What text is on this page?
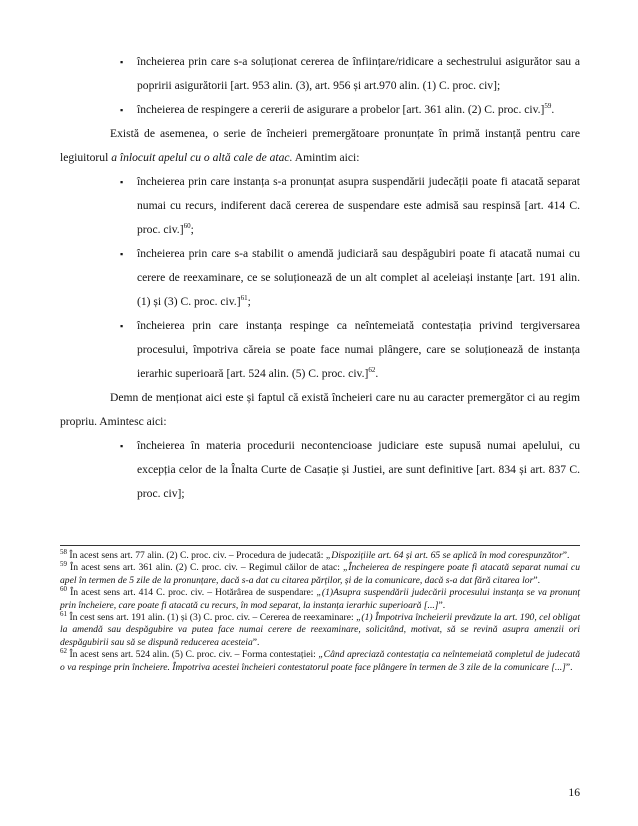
▪ încheierea prin care s-a soluționat cererea de înființare/ridicare a sechestrului asigurător sau a popririi asigurătorii [art. 953 alin. (3), art. 956 și art.970 alin. (1) C. proc. civ];
▪ încheierea de respingere a cererii de asigurare a probelor [art. 361 alin. (2) C. proc. civ.]$^{59}$.
Există de asemenea, o serie de încheieri premergătoare pronunțate în primă instanță pentru care legiuitorul a înlocuit apelul cu o altă cale de atac. Amintim aici:
▪ încheierea prin care instanța s-a pronunțat asupra suspendării judecății poate fi atacată separat numai cu recurs, indiferent dacă cererea de suspendare este admisă sau respinsă [art. 414 C. proc. civ.]$^{60}$;
▪ încheierea prin care s-a stabilit o amendă judiciară sau despăgubiri poate fi atacată numai cu cerere de reexaminare, ce se soluționează de un alt complet al aceleiași instanțe [art. 191 alin. (1) și (3) C. proc. civ.]$^{61}$;
▪ încheierea prin care instanța respinge ca neîntemeiată contestația privind tergiversarea procesului, împotriva căreia se poate face numai plângere, care se soluționează de instanța ierarhic superioară [art. 524 alin. (5) C. proc. civ.]$^{62}$.
Demn de menționat aici este și faptul că există încheieri care nu au caracter premergător ci au regim propriu. Amintesc aici:
▪ încheierea în materia procedurii necontencioase judiciare este supusă numai apelului, cu excepția celor de la Înalta Curte de Casație și Justiei, are sunt definitive [art. 834 și art. 837 C. proc. civ];

$^{58}$ În acest sens art. 77 alin. (2) C. proc. civ. – Procedura de judecată: „Dispozițiile art. 64 și art. 65 se aplică în mod corespunzător”.

$^{59}$ În acest sens art. 361 alin. (2) C. proc. civ. – Regimul căilor de atac: „Încheierea de respingere poate fi atacată separat numai cu apel în termen de 5 zile de la pronunțare, dacă s-a dat cu citarea părților, și de la comunicare, dacă s-a dat fără citarea lor”.

$^{60}$ În acest sens art. 414 C. proc. civ. – Hotărârea de suspendare: „(1)Asupra suspendării judecării procesului instanța se va pronunț prin încheiere, care poate fi atacată cu recurs, în mod separat, la instanța ierarhic superioară [...]”.

$^{61}$ În cest sens art. 191 alin. (1) și (3) C. proc. civ. – Cererea de reexaminare: „(1) Împotriva încheierii prevăzute la art. 190, cel obligat la amendă sau despăgubire va putea face numai cerere de reexaminare, solicitând, motivat, să se revină asupra amenzii ori despăgubirii sau să se dispună reducerea acesteia”.

$^{62}$ În acest sens art. 524 alin. (5) C. proc. civ. – Forma contestației: „Când apreciază contestația ca neîntemeiată completul de judecată o va respinge prin încheiere. Împotriva acestei încheieri contestatorul poate face plângere în termen de 3 zile de la comunicare [...]”.

16
